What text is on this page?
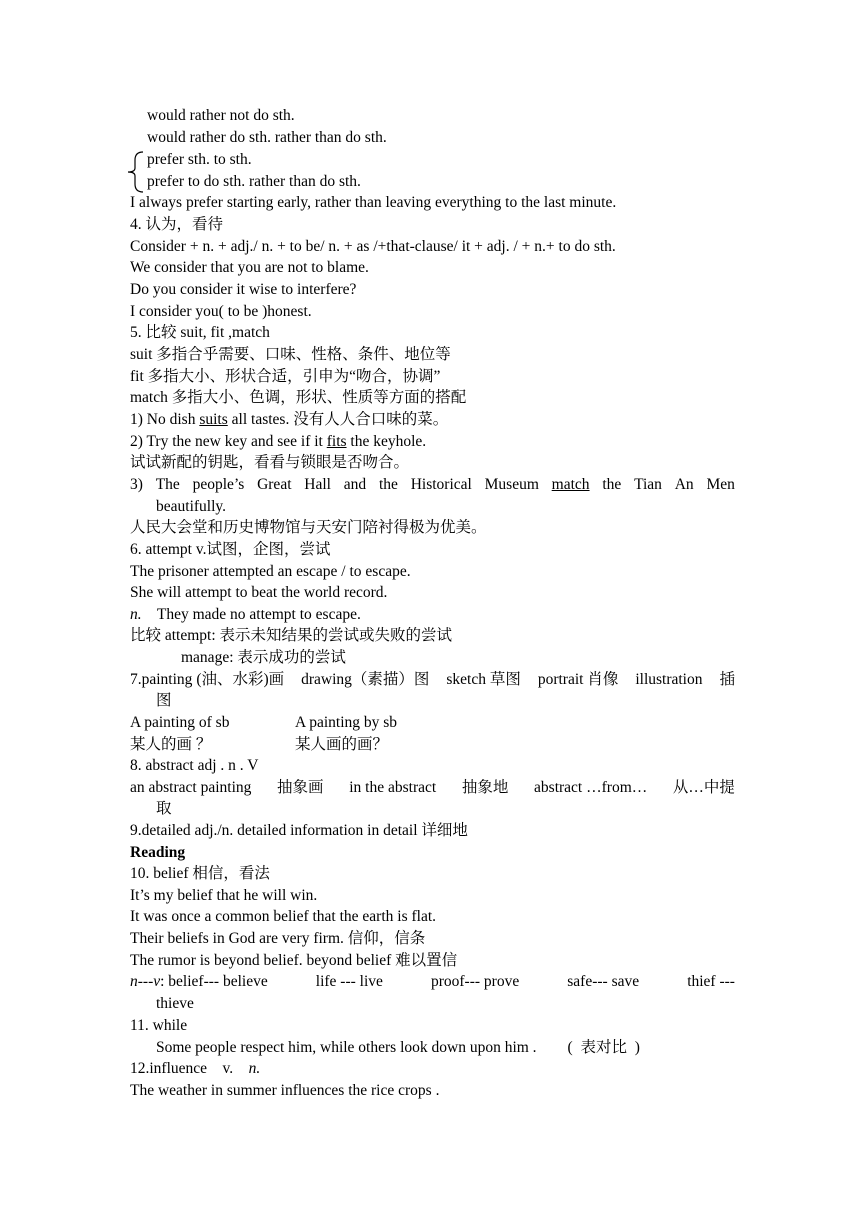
would rather not do sth.
would rather do sth. rather than do sth.
prefer sth. to sth.
prefer to do sth. rather than do sth.
I always prefer starting early, rather than leaving everything to the last minute.
4. 认为，看待
Consider + n. + adj./ n. + to be/ n. + as /+that-clause/ it + adj. / + n.+ to do sth.
We consider that you are not to blame.
Do you consider it wise to interfere?
I consider you( to be )honest.
5. 比较 suit, fit ,match
suit 多指合乎需要、口味、性格、条件、地位等
fit 多指大小、形状合适，引申为“吻合，协调”
match 多指大小、色调，形状、性质等方面的搭配
1) No dish suits all tastes. 没有人人合口味的菜。
2) Try the new key and see if it fits the keyhole.
试试新配的钥匙，看看与锁眼是否吻合。
3) The people’s Great Hall and the Historical Museum match the Tian An Men
beautifully.
人民大会堂和历史博物馆与天安门陪衬得极为优美。
6. attempt v.试图，企图，尝试
The prisoner attempted an escape / to escape.
She will attempt to beat the world record.
n.    They made no attempt to escape.
比较 attempt: 表示未知结果的尝试或失败的尝试
manage: 表示成功的尝试
7.painting (油、水彩)画 drawing（素描）图 sketch 草图 portrait 肖像 illustration 插
图
A painting of sb	A painting by sb
某人的画 ？	某人画的画？
8. abstract adj . n . V
an abstract painting 抽象画 in the abstract 抽象地 abstract …from… 从…中提
取
9.detailed adj./n. detailed information in detail 详细地
Reading
10. belief 相信，看法
It’s my belief that he will win.
It was once a common belief that the earth is flat.
Their beliefs in God are very firm. 信仰，信条
The rumor is beyond belief. beyond belief 难以置信
n---v: belief--- believe	life --- live	proof--- prove	safe--- save	thief ---
thieve
11. while
Some people respect him, while others look down upon him .        (  表对比  )
12.influence    v.    n.
The weather in summer influences the rice crops .
